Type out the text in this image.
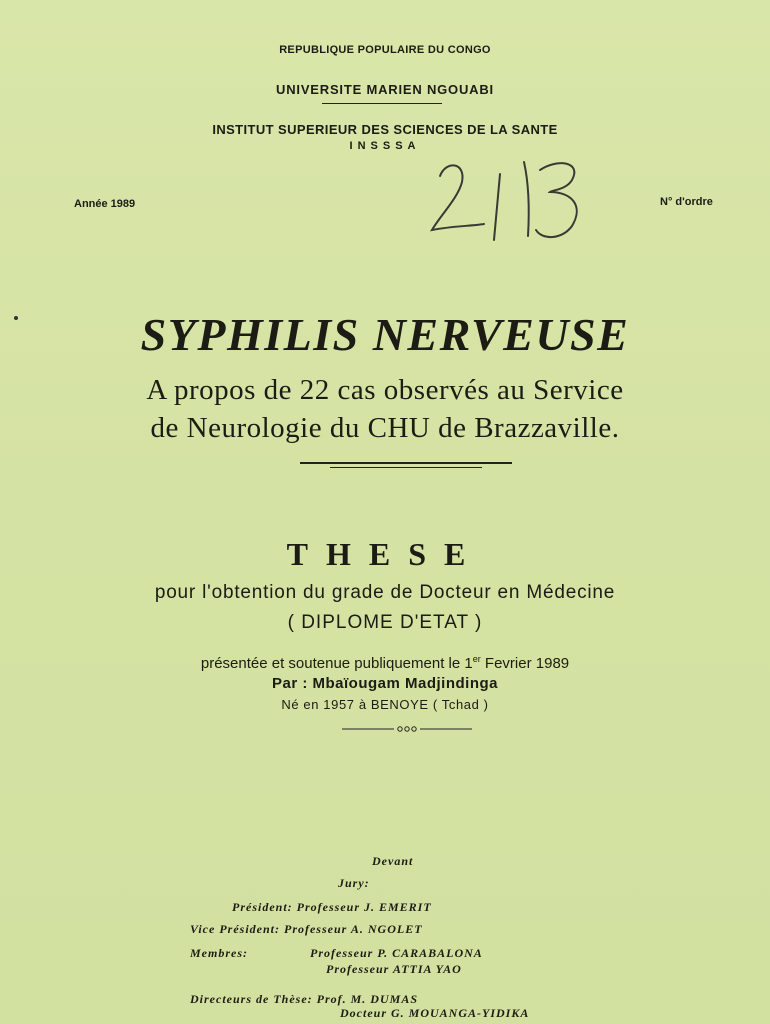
REPUBLIQUE POPULAIRE DU CONGO
UNIVERSITE MARIEN NGOUABI
INSTITUT SUPERIEUR DES SCIENCES DE LA SANTE
INSSSA
Année 1989	N° d'ordre
SYPHILIS NERVEUSE
A propos de 22 cas observés au Service
de Neurologie du CHU de Brazzaville.
THESE
pour l'obtention du grade de Docteur en Médecine
( DIPLOME D'ETAT )
présentée et soutenue publiquement le 1er Fevrier 1989
Par : Mbaïougam Madjindinga
Né en 1957 à BENOYE ( Tchad )
Devant
Jury:
Président: Professeur J. EMERIT
Vice Président: Professeur A. NGOLET
Membres:	Professeur P. CARABALONA
Professeur ATTIA YAO
Directeurs de Thèse: Prof. M. DUMAS
Docteur G. MOUANGA-YIDIKA
